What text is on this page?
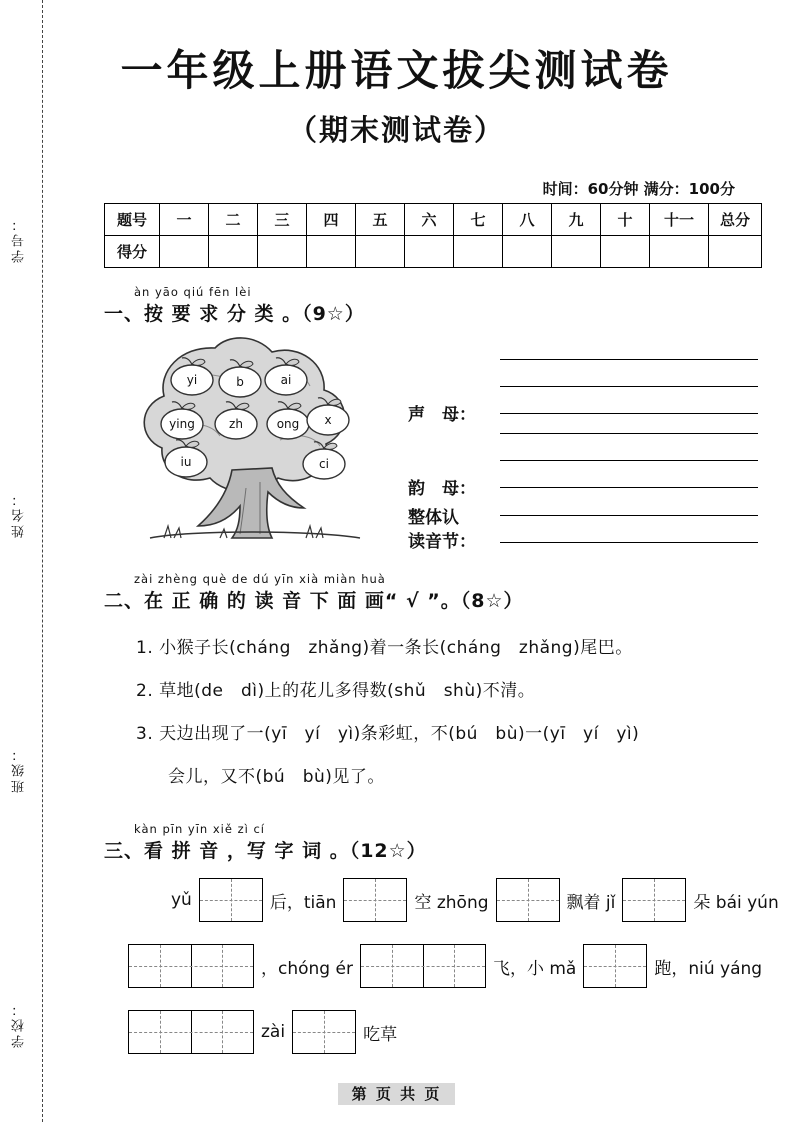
学号：
姓名：
班级：
学校：
一年级上册语文拔尖测试卷
（期末测试卷）
时间：60分钟 满分：100分
题号	一	二	三	四	五	六	七	八	九	十	十一	总分
得分												
àn yāo qiú fēn lèi
一、按 要 求 分 类 。（9☆）
yi	b	ai
x
ying	zh	ong
iu	ci
声　母：
韵　母：
整体认
读音节：
zài zhèng què de dú yīn xià miàn huà
二、在 正 确 的 读 音 下 面 画“ √ ”。（8☆）
1. 小猴子长(cháng　zhǎng)着一条长(cháng　zhǎng)尾巴。
2. 草地(de　dì)上的花儿多得数(shǔ　shù)不清。
3. 天边出现了一(yī　yí　yì)条彩虹，不(bú　bù)一(yī　yí　yì)
会儿，又不(bú　bù)见了。
kàn pīn yīn xiě zì cí
三、看 拼 音 ，写 字 词 。（12☆）
yǔ	后，tiān	空 zhōng	飘着 jǐ	朵 bái yún
，chóng ér	飞，小 mǎ	跑，niú yáng
zài	吃草
第 页 共 页
